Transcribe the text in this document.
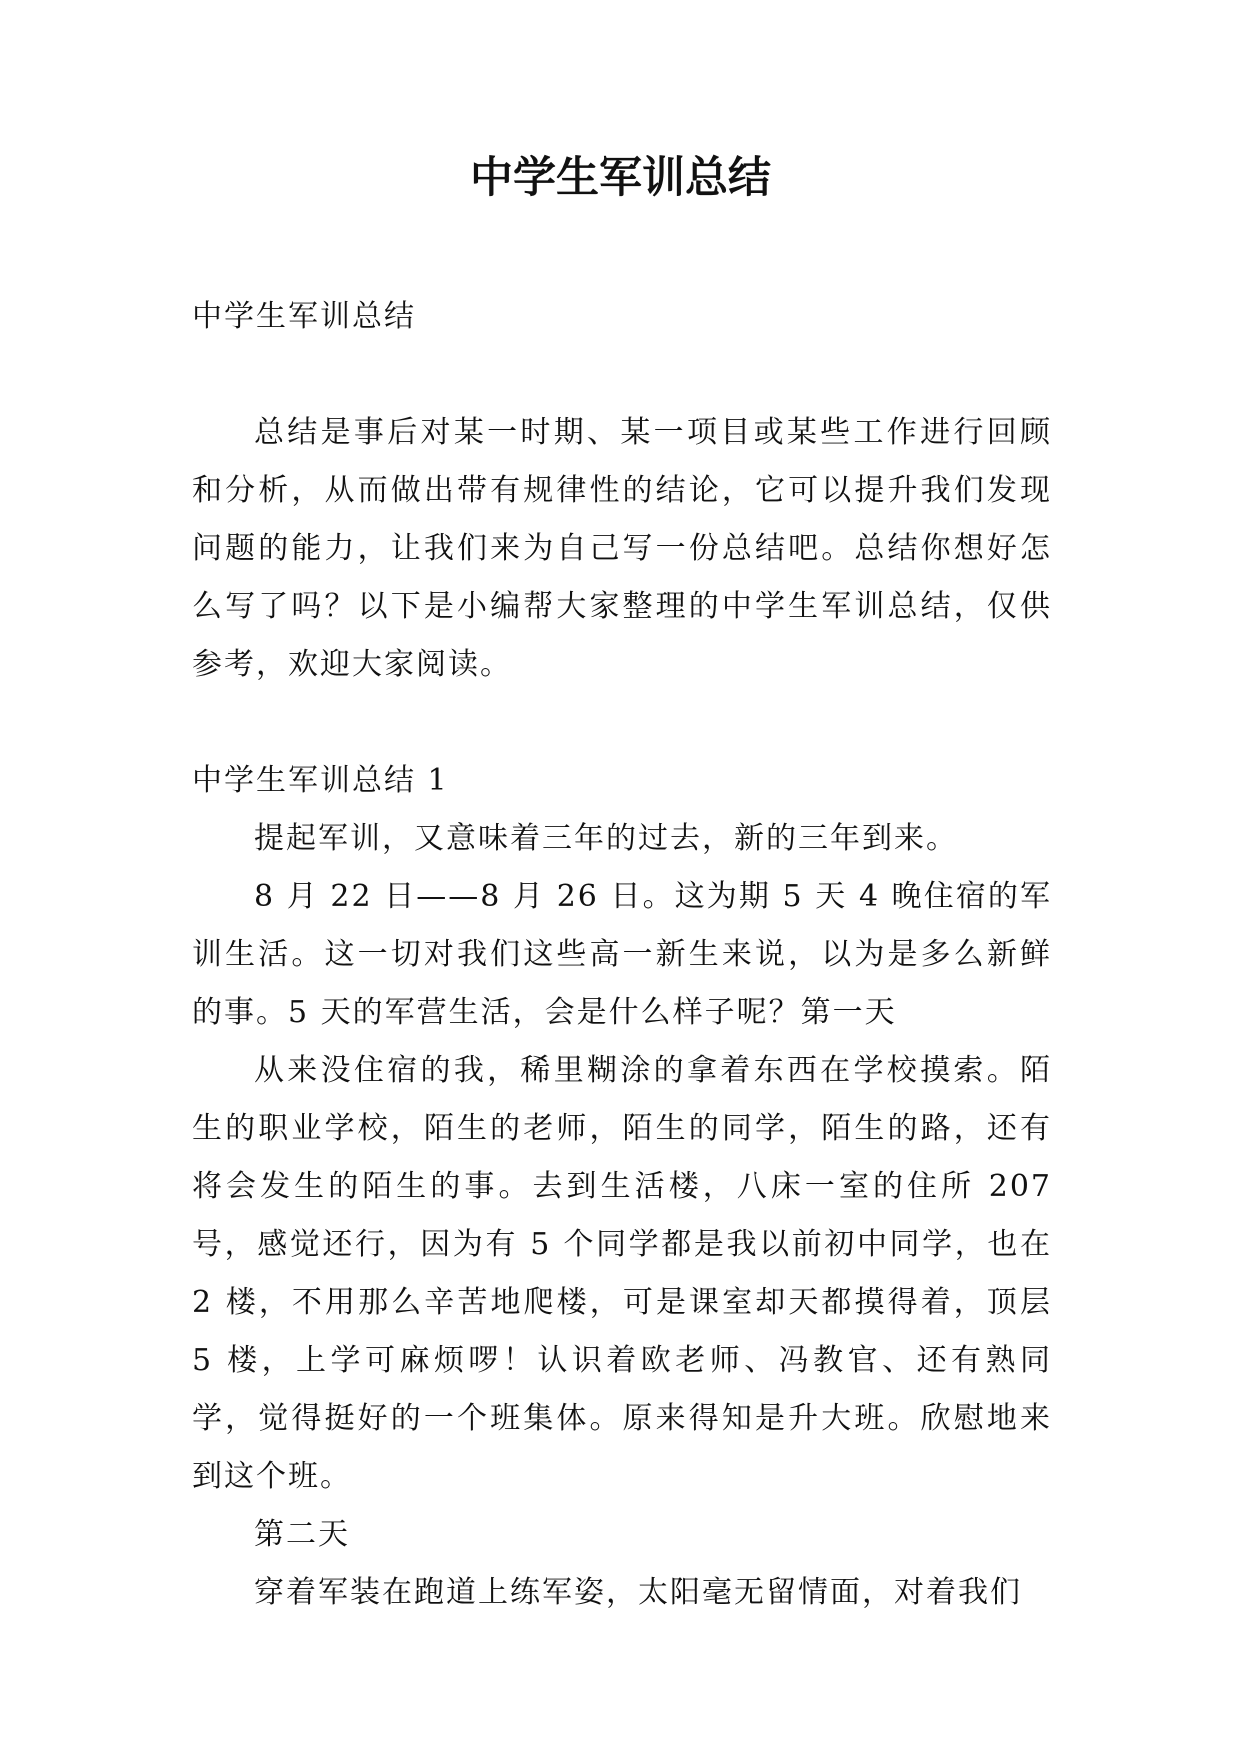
中学生军训总结

中学生军训总结

总结是事后对某一时期、某一项目或某些工作进行回顾和分析，从而做出带有规律性的结论，它可以提升我们发现问题的能力，让我们来为自己写一份总结吧。总结你想好怎么写了吗？以下是小编帮大家整理的中学生军训总结，仅供参考，欢迎大家阅读。

中学生军训总结 1

提起军训，又意味着三年的过去，新的三年到来。

8 月 22 日——8 月 26 日。这为期 5 天 4 晚住宿的军训生活。这一切对我们这些高一新生来说，以为是多么新鲜的事。5 天的军营生活，会是什么样子呢？第一天

从来没住宿的我，稀里糊涂的拿着东西在学校摸索。陌生的职业学校，陌生的老师，陌生的同学，陌生的路，还有将会发生的陌生的事。去到生活楼，八床一室的住所 207 号，感觉还行，因为有 5 个同学都是我以前初中同学，也在 2 楼，不用那么辛苦地爬楼，可是课室却天都摸得着，顶层 5 楼，上学可麻烦啰！认识着欧老师、冯教官、还有熟同学，觉得挺好的一个班集体。原来得知是升大班。欣慰地来到这个班。

第二天

穿着军装在跑道上练军姿，太阳毫无留情面，对着我们
